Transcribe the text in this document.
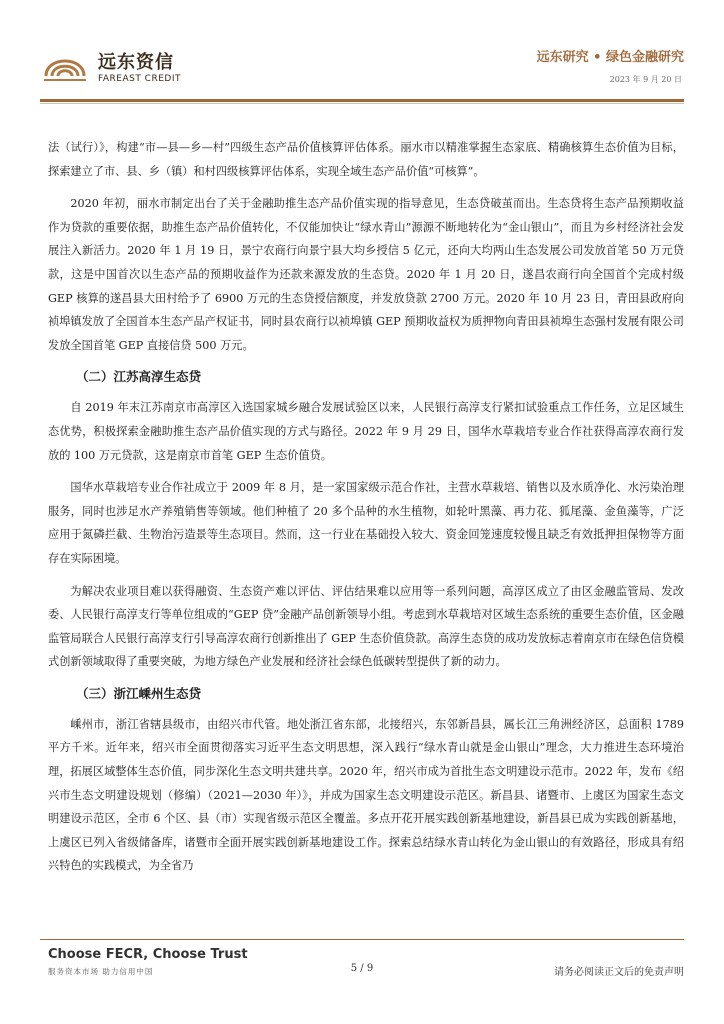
远东资信
FAREAST CREDIT
远东研究 • 绿色金融研究
2023 年 9 月 20 日

法（试行）》，构建“市—县—乡—村”四级生态产品价值核算评估体系。丽水市以精准掌握生态家底、精确核算生态价值为目标，探索建立了市、县、乡（镇）和村四级核算评估体系，实现全域生态产品价值“可核算”。

2020 年初，丽水市制定出台了关于金融助推生态产品价值实现的指导意见，生态贷破茧而出。生态贷将生态产品预期收益作为贷款的重要依据，助推生态产品价值转化，不仅能加快让“绿水青山”源源不断地转化为“金山银山”，而且为乡村经济社会发展注入新活力。2020 年 1 月 19 日，景宁农商行向景宁县大均乡授信 5 亿元，还向大均两山生态发展公司发放首笔 50 万元贷款，这是中国首次以生态产品的预期收益作为还款来源发放的生态贷。2020 年 1 月 20 日，遂昌农商行向全国首个完成村级 GEP 核算的遂昌县大田村给予了 6900 万元的生态贷授信额度，并发放贷款 2700 万元。2020 年 10 月 23 日，青田县政府向祯埠镇发放了全国首本生态产品产权证书，同时县农商行以祯埠镇 GEP 预期收益权为质押物向青田县祯埠生态强村发展有限公司发放全国首笔 GEP 直接信贷 500 万元。

（二）江苏高淳生态贷

自 2019 年末江苏南京市高淳区入选国家城乡融合发展试验区以来，人民银行高淳支行紧扣试验重点工作任务，立足区域生态优势，积极探索金融助推生态产品价值实现的方式与路径。2022 年 9 月 29 日，国华水草栽培专业合作社获得高淳农商行发放的 100 万元贷款，这是南京市首笔 GEP 生态价值贷。

国华水草栽培专业合作社成立于 2009 年 8 月，是一家国家级示范合作社，主营水草栽培、销售以及水质净化、水污染治理服务，同时也涉足水产养殖销售等领域。他们种植了 20 多个品种的水生植物，如轮叶黑藻、再力花、狐尾藻、金鱼藻等，广泛应用于氮磷拦截、生物治污造景等生态项目。然而，这一行业在基础投入较大、资金回笼速度较慢且缺乏有效抵押担保物等方面存在实际困境。

为解决农业项目难以获得融资、生态资产难以评估、评估结果难以应用等一系列问题，高淳区成立了由区金融监管局、发改委、人民银行高淳支行等单位组成的“GEP 贷”金融产品创新领导小组。考虑到水草栽培对区域生态系统的重要生态价值，区金融监管局联合人民银行高淳支行引导高淳农商行创新推出了 GEP 生态价值贷款。高淳生态贷的成功发放标志着南京市在绿色信贷模式创新领域取得了重要突破，为地方绿色产业发展和经济社会绿色低碳转型提供了新的动力。

（三）浙江嵊州生态贷

嵊州市，浙江省辖县级市，由绍兴市代管。地处浙江省东部，北接绍兴，东邻新昌县，属长江三角洲经济区，总面积 1789 平方千米。近年来，绍兴市全面贯彻落实习近平生态文明思想，深入践行“绿水青山就是金山银山”理念，大力推进生态环境治理，拓展区域整体生态价值，同步深化生态文明共建共享。2020 年，绍兴市成为首批生态文明建设示范市。2022 年，发布《绍兴市生态文明建设规划（修编）（2021—2030 年）》，并成为国家生态文明建设示范区。新昌县、诸暨市、上虞区为国家生态文明建设示范区，全市 6 个区、县（市）实现省级示范区全覆盖。多点开花开展实践创新基地建设，新昌县已成为实践创新基地，上虞区已列入省级储备库，诸暨市全面开展实践创新基地建设工作。探索总结绿水青山转化为金山银山的有效路径，形成具有绍兴特色的实践模式，为全省乃

Choose FECR, Choose Trust
服务资本市场 助力信用中国	5 / 9	请务必阅读正文后的免责声明
